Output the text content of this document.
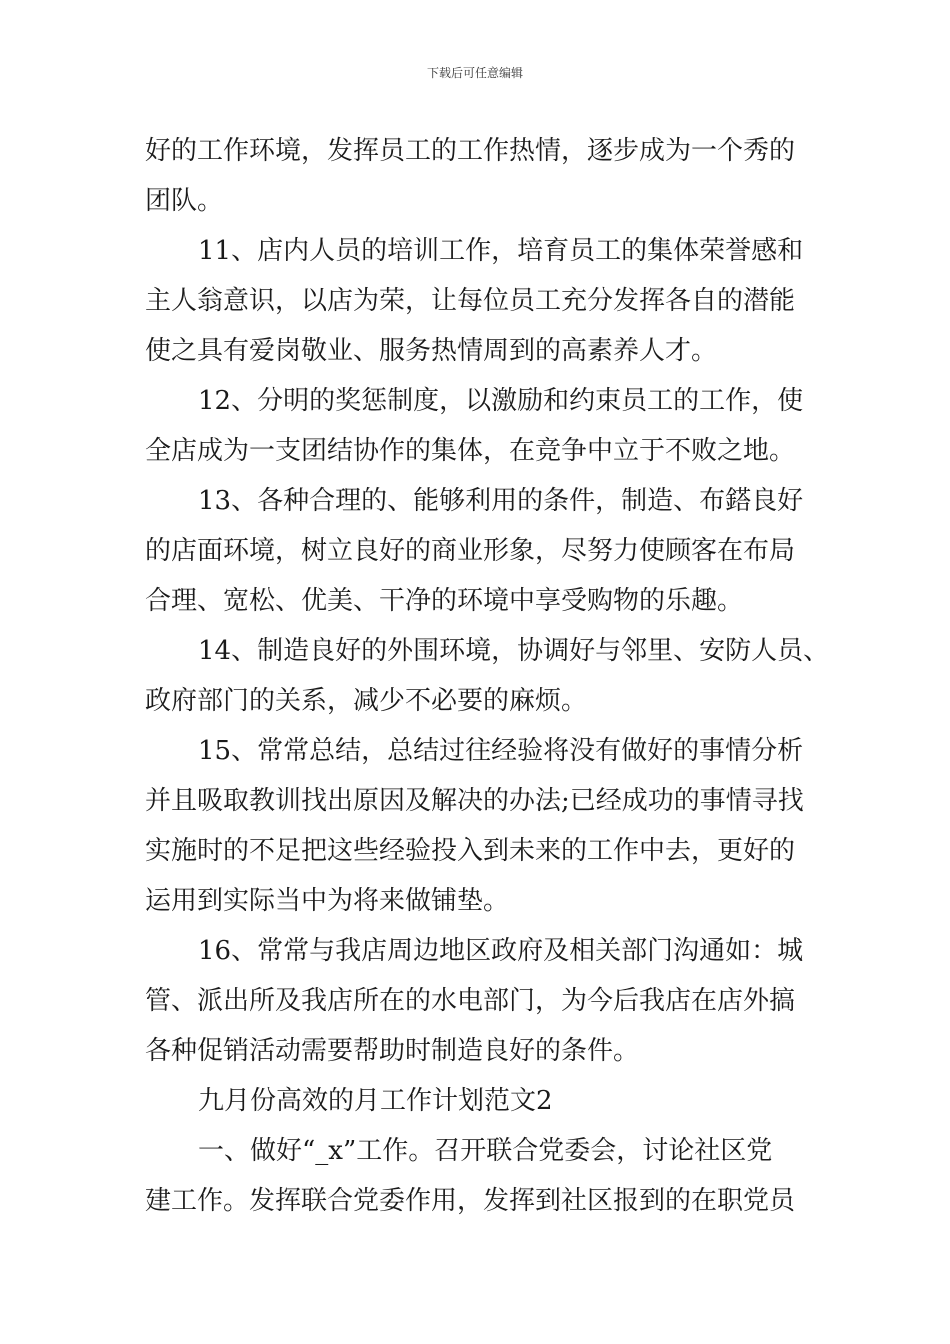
下载后可任意编辑
好的工作环境，发挥员工的工作热情，逐步成为一个秀的
团队。
11、店内人员的培训工作，培育员工的集体荣誉感和
主人翁意识，以店为荣，让每位员工充分发挥各自的潜能
使之具有爱岗敬业、服务热情周到的高素养人才。
12、分明的奖惩制度，以激励和约束员工的工作，使
全店成为一支团结协作的集体，在竞争中立于不败之地。
13、各种合理的、能够利用的条件，制造、布鎝良好
的店面环境，树立良好的商业形象，尽努力使顾客在布局
合理、宽松、优美、干净的环境中享受购物的乐趣。
14、制造良好的外围环境，协调好与邻里、安防人员、
政府部门的关系，减少不必要的麻烦。
15、常常总结，总结过往经验将没有做好的事情分析
并且吸取教训找出原因及解决的办法;已经成功的事情寻找
实施时的不足把这些经验投入到未来的工作中去，更好的
运用到实际当中为将来做铺垫。
16、常常与我店周边地区政府及相关部门沟通如：城
管、派出所及我店所在的水电部门，为今后我店在店外搞
各种促销活动需要帮助时制造良好的条件。
九月份高效的月工作计划范文2
一、做好“_x”工作。召开联合党委会，讨论社区党
建工作。发挥联合党委作用，发挥到社区报到的在职党员
